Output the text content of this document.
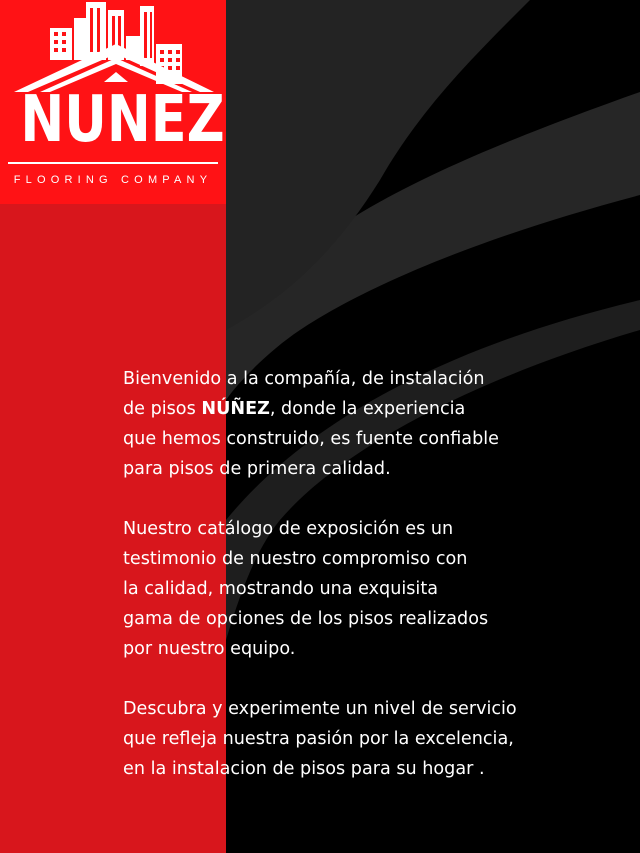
NUNEZ
FLOORING COMPANY

Bienvenido a la compañía, de instalación
de pisos NÚÑEZ, donde la experiencia
que hemos construido, es fuente confiable
para pisos de primera calidad.

Nuestro catálogo de exposición es un
testimonio de nuestro compromiso con
la calidad, mostrando una exquisita
gama de opciones de los pisos realizados
por nuestro equipo.

Descubra y experimente un nivel de servicio
que refleja nuestra pasión por la excelencia,
en la instalacion de pisos para su hogar .
